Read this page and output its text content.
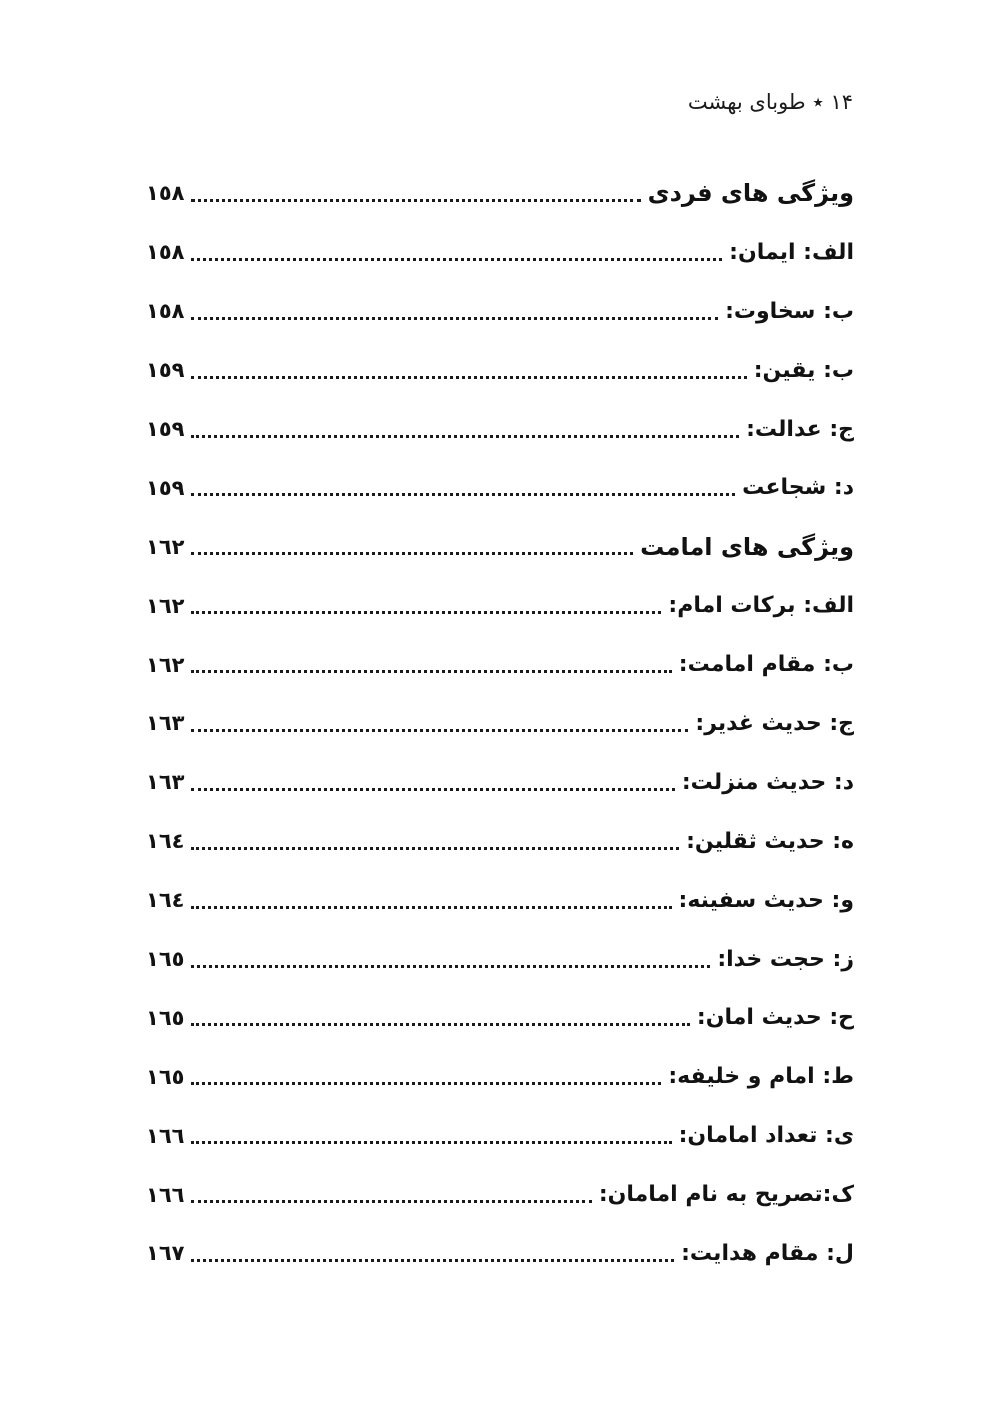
۱۴ ٭ طوبای بهشت
ویژگی های فردی
١٥٨
الف: ایمان:
١٥٨
ب: سخاوت:
١٥٨
ب: یقین:
١٥٩
ج: عدالت:
١٥٩
د: شجاعت
١٥٩
ویژگی های امامت
١٦٢
الف: برکات امام:
١٦٢
ب: مقام امامت:
١٦٢
ج: حدیث غدیر:
١٦٣
د: حدیث منزلت:
١٦٣
ه: حدیث ثقلین:
١٦٤
و: حدیث سفینه:
١٦٤
ز: حجت خدا:
١٦٥
ح: حدیث امان:
١٦٥
ط: امام و خلیفه:
١٦٥
ی: تعداد امامان:
١٦٦
ک:تصریح به نام امامان:
١٦٦
ل: مقام هدایت:
١٦٧
